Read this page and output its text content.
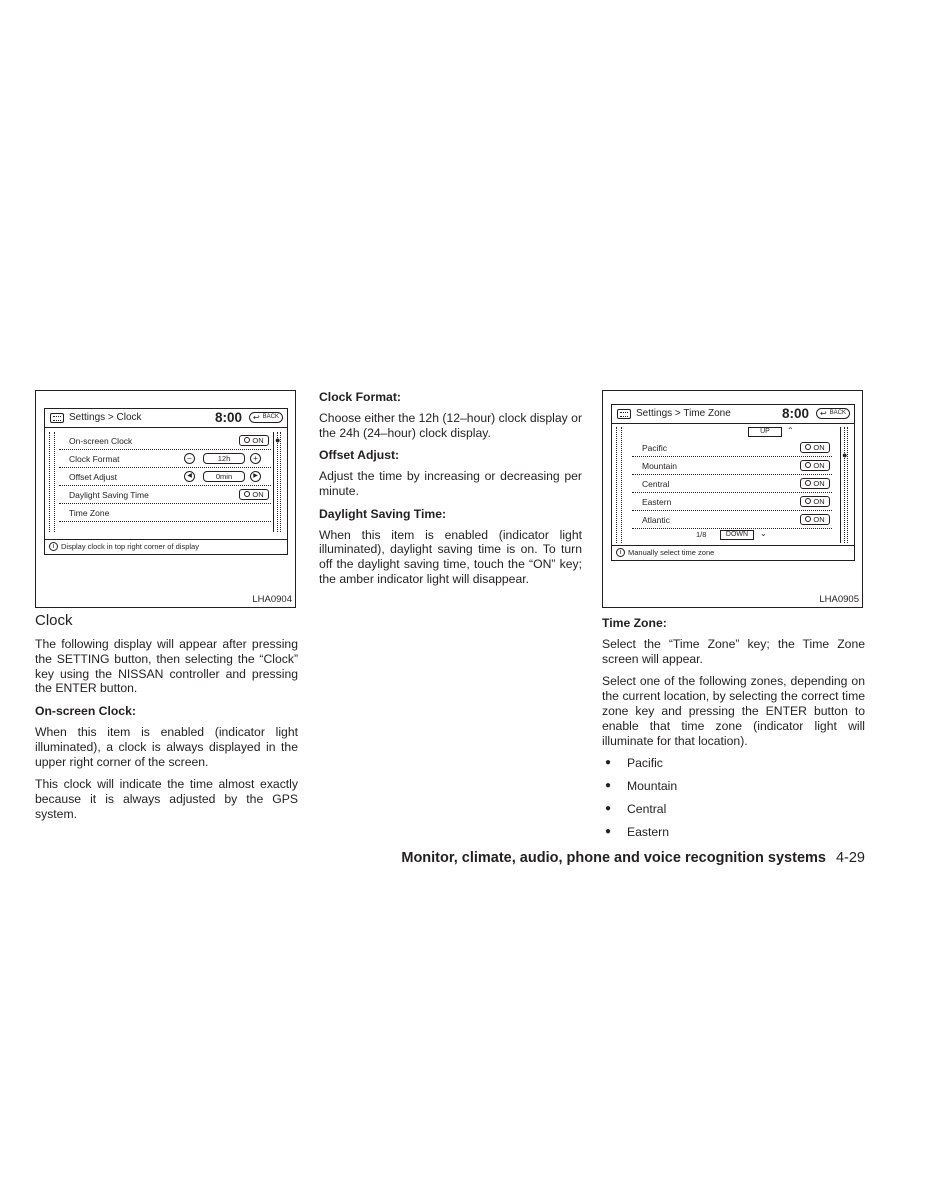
Settings > Clock	8:00 ↩ BACK
●
On-screen Clock	ON
Clock Format	−	12h	+
Offset Adjust	◀	0min	▶
Daylight Saving Time	ON
Time Zone
i Display clock in top right corner of display
LHA0904
Clock

The following display will appear after pressing the SETTING button, then selecting the “Clock” key using the NISSAN controller and pressing the ENTER button.

On-screen Clock:

When this item is enabled (indicator light illuminated), a clock is always displayed in the upper right corner of the screen.

This clock will indicate the time almost exactly because it is always adjusted by the GPS system.

Clock Format:

Choose either the 12h (12–hour) clock display or the 24h (24–hour) clock display.

Offset Adjust:

Adjust the time by increasing or decreasing per minute.

Daylight Saving Time:

When this item is enabled (indicator light illuminated), daylight saving time is on. To turn off the daylight saving time, touch the “ON” key; the amber indicator light will disappear.

Settings > Time Zone	8:00 ↩ BACK
●
UP	⌃
Pacific	ON
Mountain	ON
Central	ON
Eastern	ON
Atlantic	ON
1/8	DOWN	⌄
i Manually select time zone
LHA0905
Time Zone:

Select the “Time Zone” key; the Time Zone screen will appear.

Select one of the following zones, depending on the current location, by selecting the correct time zone key and pressing the ENTER button to enable that time zone (indicator light will illuminate for that location).

● Pacific
● Mountain
● Central
● Eastern
Monitor, climate, audio, phone and voice recognition systems 4-29
